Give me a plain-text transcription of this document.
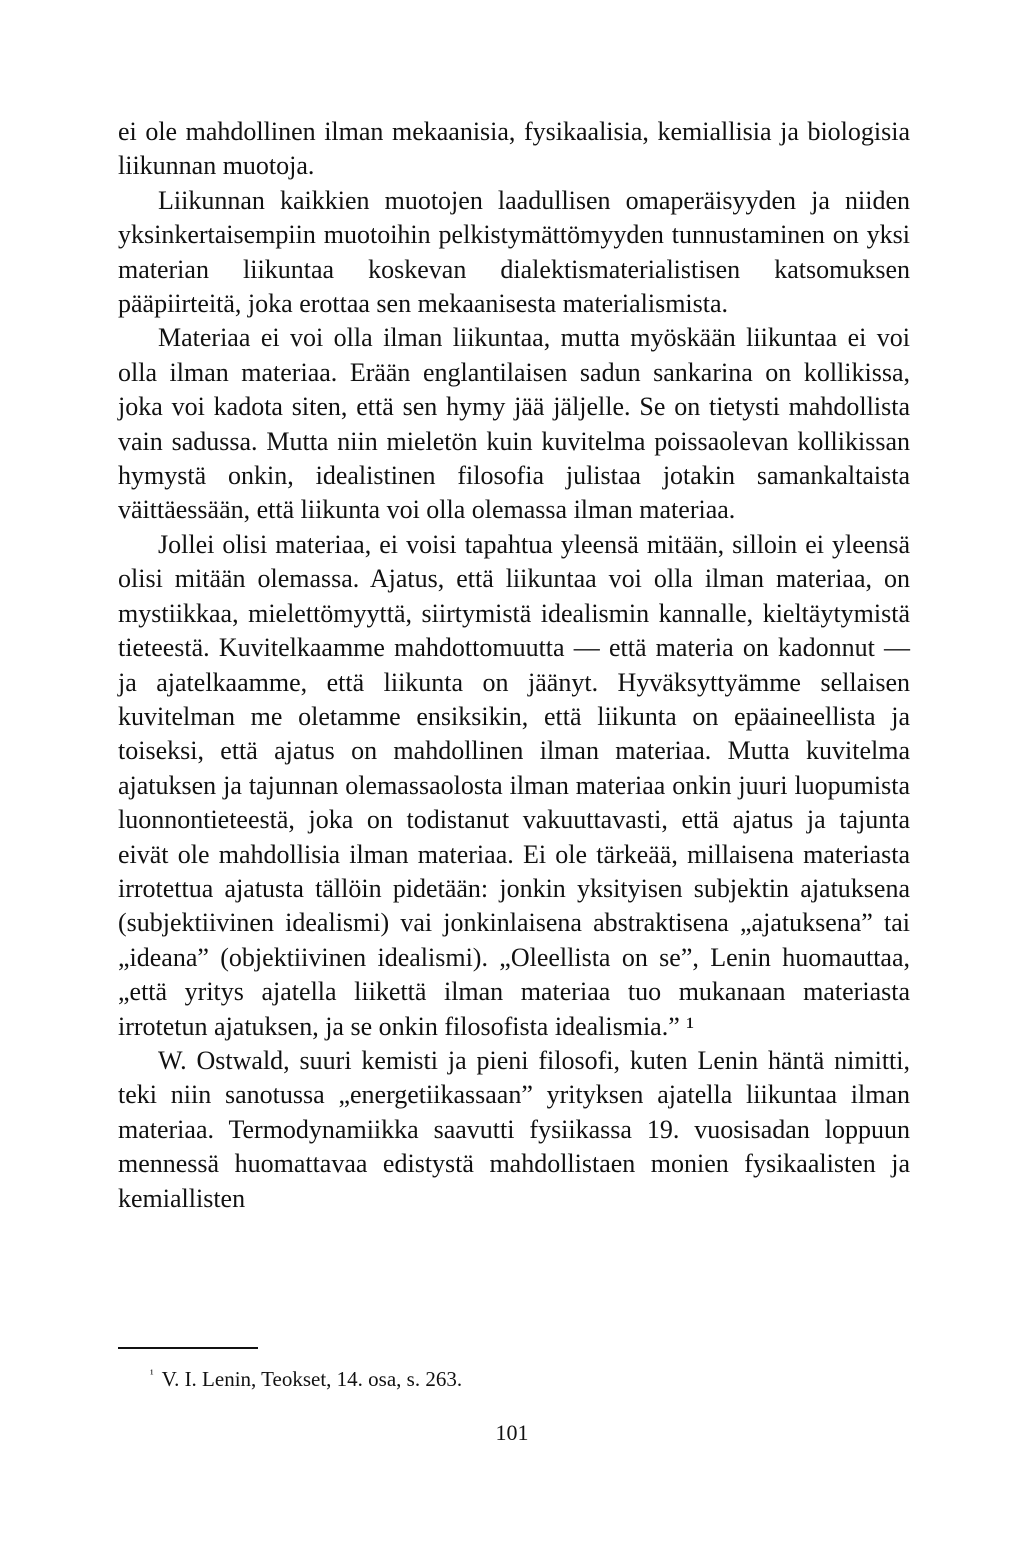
ei ole mahdollinen ilman mekaanisia, fysikaalisia, kemiallisia ja biologisia liikunnan muotoja.

Liikunnan kaikkien muotojen laadullisen omaperäisyyden ja niiden yksinkertaisempiin muotoihin pelkistymättömyyden tunnustaminen on yksi materian liikuntaa koskevan dialektismaterialistisen katsomuksen pääpiirteitä, joka erottaa sen mekaanisesta materialismista.

Materiaa ei voi olla ilman liikuntaa, mutta myöskään liikuntaa ei voi olla ilman materiaa. Erään englantilaisen sadun sankarina on kollikissa, joka voi kadota siten, että sen hymy jää jäljelle. Se on tietysti mahdollista vain sadussa. Mutta niin mieletön kuin kuvitelma poissaolevan kollikissan hymystä onkin, idealistinen filosofia julistaa jotakin samankaltaista väittäessään, että liikunta voi olla olemassa ilman materiaa.

Jollei olisi materiaa, ei voisi tapahtua yleensä mitään, silloin ei yleensä olisi mitään olemassa. Ajatus, että liikuntaa voi olla ilman materiaa, on mystiikkaa, mielettömyyttä, siirtymistä idealismin kannalle, kieltäytymistä tieteestä. Kuvitelkaamme mahdottomuutta — että materia on kadonnut — ja ajatelkaamme, että liikunta on jäänyt. Hyväksyttyämme sellaisen kuvitelman me oletamme ensiksikin, että liikunta on epäaineellista ja toiseksi, että ajatus on mahdollinen ilman materiaa. Mutta kuvitelma ajatuksen ja tajunnan olemassaolosta ilman materiaa onkin juuri luopumista luonnontieteestä, joka on todistanut vakuuttavasti, että ajatus ja tajunta eivät ole mahdollisia ilman materiaa. Ei ole tärkeää, millaisena materiasta irrotettua ajatusta tällöin pidetään: jonkin yksityisen subjektin ajatuksena (subjektiivinen idealismi) vai jonkinlaisena abstraktisena „ajatuksena” tai „ideana” (objektiivinen idealismi). „Oleellista on se”, Lenin huomauttaa, „että yritys ajatella liikettä ilman materiaa tuo mukanaan materiasta irrotetun ajatuksen, ja se onkin filosofista idealismia.” ¹

W. Ostwald, suuri kemisti ja pieni filosofi, kuten Lenin häntä nimitti, teki niin sanotussa „energetiikassaan” yrityksen ajatella liikuntaa ilman materiaa. Termodynamiikka saavutti fysiikassa 19. vuosisadan loppuun mennessä huomattavaa edistystä mahdollistaen monien fysikaalisten ja kemiallisten

$^{^1}$ V. I. Lenin, Teokset, 14. osa, s. 263.
101
